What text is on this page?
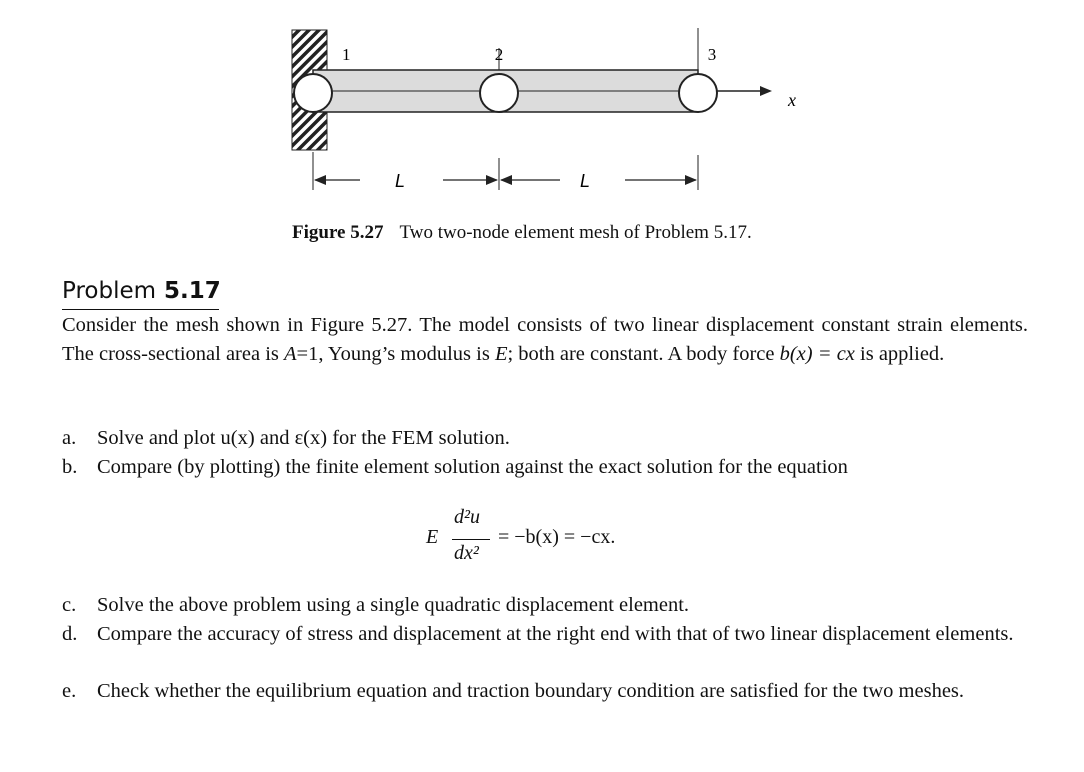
1	2	3
x
L	L
Figure 5.27 Two two-node element mesh of Problem 5.17.
Problem 5.17

Consider the mesh shown in Figure 5.27. The model consists of two linear displacement constant strain elements. The cross-sectional area is A=1, Young’s modulus is E; both are constant. A body force b(x) = cx is applied.

a. Solve and plot u(x) and ε(x) for the FEM solution.
b. Compare (by plotting) the finite element solution against the exact solution for the equation
E
d²u
dx²
= −b(x) = −cx.
c. Solve the above problem using a single quadratic displacement element.
d. Compare the accuracy of stress and displacement at the right end with that of two linear displacement elements.
e. Check whether the equilibrium equation and traction boundary condition are satisfied for the two meshes.
